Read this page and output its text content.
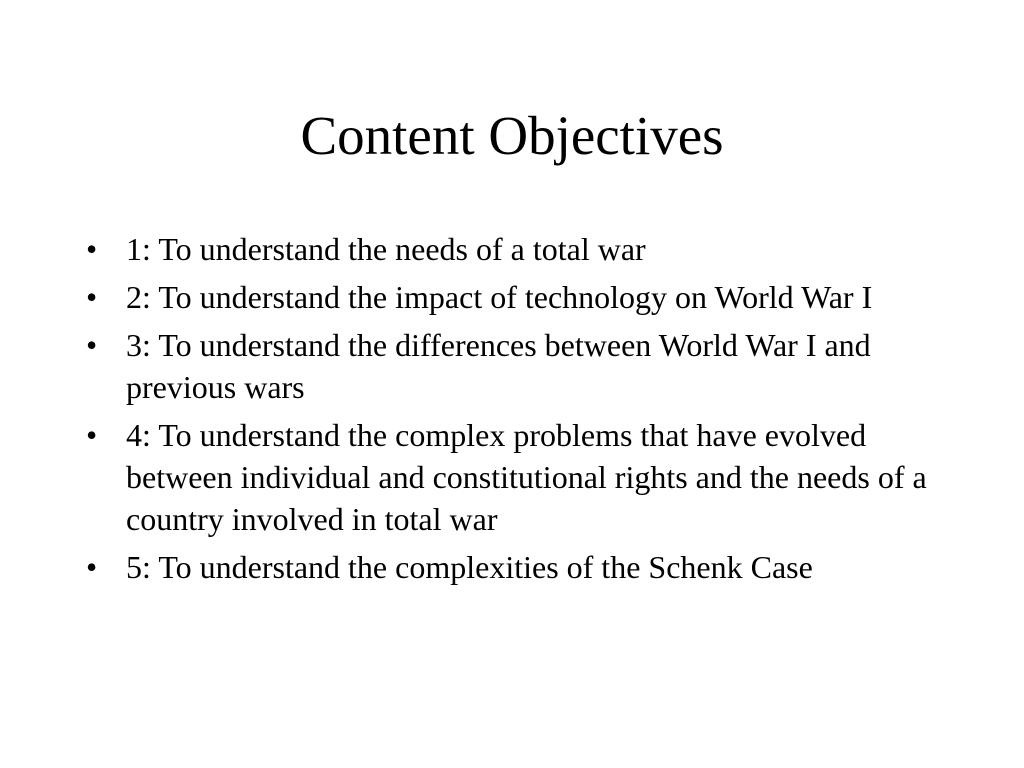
Content Objectives
• 1: To understand the needs of a total war
• 2: To understand the impact of technology on World War I
• 3: To understand the differences between World War I and previous wars
• 4: To understand the complex problems that have evolved between individual and constitutional rights and the needs of a country involved in total war
• 5: To understand the complexities of the Schenk Case
